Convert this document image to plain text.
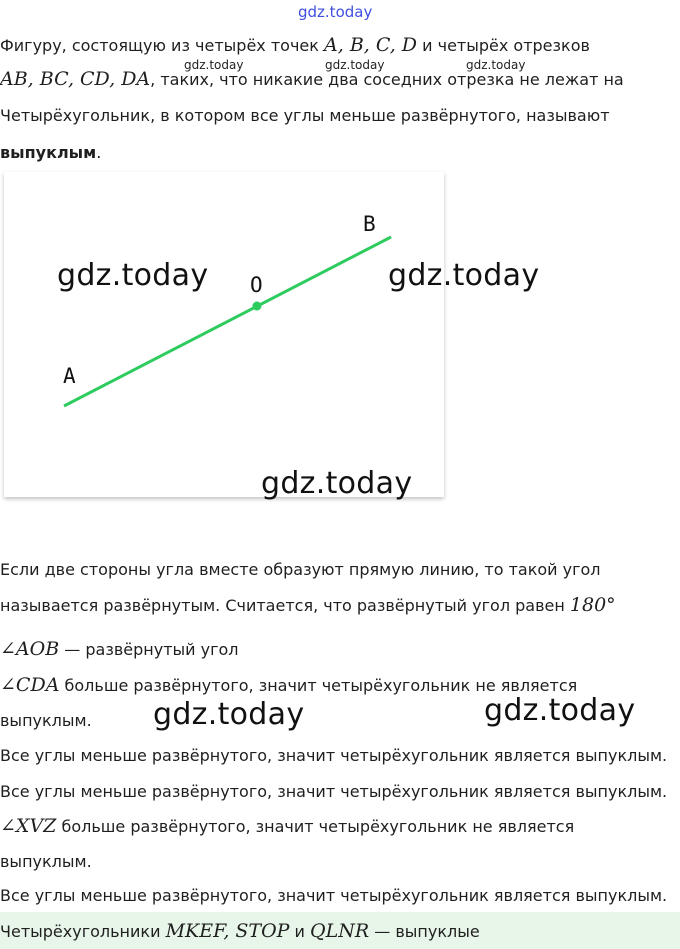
gdz.today
Фигуру, состоящую из четырёх точек A, B, C, D и четырёх отрезков
gdz.today	gdz.today	gdz.today
AB, BC, CD, DA, таких, что никакие два соседних отрезка не лежат на
Четырёхугольник, в котором все углы меньше развёрнутого, называют
выпуклым.
A
B
O
gdz.today	gdz.today
gdz.today
Если две стороны угла вместе образуют прямую линию, то такой угол
называется развёрнутым. Считается, что развёрнутый угол равен 180°
∠AOB — развёрнутый угол
∠CDA больше развёрнутого, значит четырёхугольник не является
выпуклым. gdz.today	gdz.today
Все углы меньше развёрнутого, значит четырёхугольник является выпуклым.
Все углы меньше развёрнутого, значит четырёхугольник является выпуклым.
∠XVZ больше развёрнутого, значит четырёхугольник не является
выпуклым.
Все углы меньше развёрнутого, значит четырёхугольник является выпуклым.
Четырёхугольники MKEF, STOP и QLNR — выпуклые
